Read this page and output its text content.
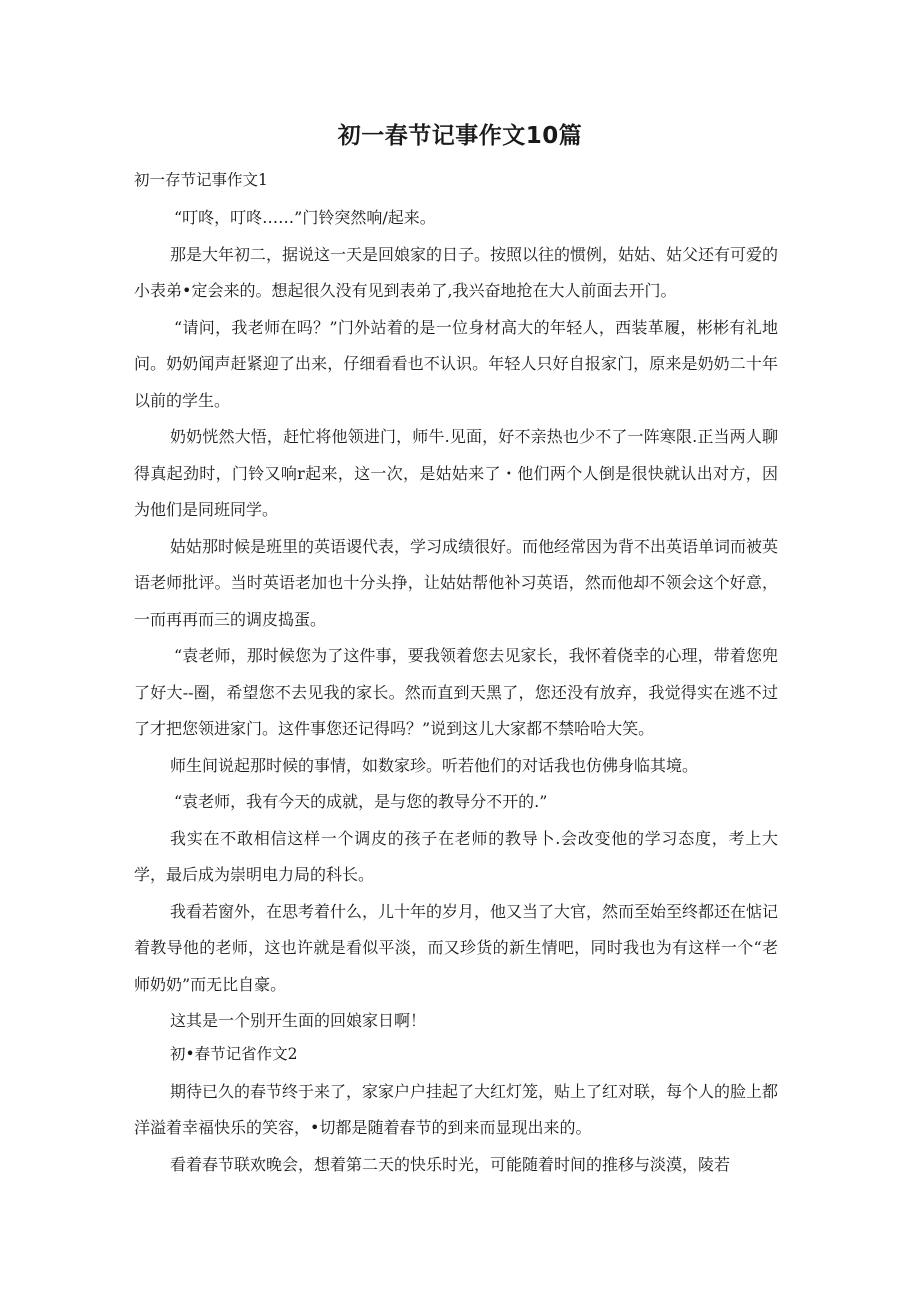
初一春节记事作文10篇
初一存节记事作文1

“叮咚，叮咚……”门铃突然响/起来。

那是大年初二，据说这一天是回娘家的日子。按照以往的惯例，姑姑、姑父还有可爱的小表弟•定会来的。想起很久没有见到表弟了,我兴奋地抢在大人前面去开门。

“请问，我老师在吗？”门外站着的是一位身材高大的年轻人，西装革履，彬彬有礼地问。奶奶闻声赶紧迎了出来，仔细看看也不认识。年轻人只好自报家门，原来是奶奶二十年以前的学生。

奶奶恍然大悟，赶忙将他领进门，师牛.见面，好不亲热也少不了一阵寒限.正当两人聊得真起劲时，门铃又响r起来，这一次，是姑姑来了・他们两个人倒是很快就认出对方，因为他们是同班同学。

姑姑那时候是班里的英语谡代表，学习成绩很好。而他经常因为背不出英语单词而被英语老师批评。当时英语老加也十分头挣，让姑姑帮他补习英语，然而他却不领会这个好意，一而再再而三的调皮捣蛋。

“袁老师，那时候您为了这件事，要我领着您去见家长，我怀着侥幸的心理，带着您兜了好大--圈，希望您不去见我的家长。然而直到天黑了，您还没有放弃，我觉得实在逃不过了才把您领进家门。这件事您还记得吗？”说到这儿大家都不禁哈哈大笑。

师生间说起那时候的事情，如数家珍。听若他们的对话我也仿佛身临其境。

“袁老师，我有今天的成就，是与您的教导分不开的.”

我实在不敢相信这样一个调皮的孩子在老师的教导卜.会改变他的学习态度，考上大学，最后成为崇明电力局的科长。

我看若窗外，在思考着什么，儿十年的岁月，他又当了大官，然而至始至终都还在惦记着教导他的老师，这也许就是看似平淡，而又珍货的新生情吧，同时我也为有这样一个“老师奶奶”而无比自豪。

这其是一个别开生面的回娘家日啊！

初•春节记省作文2

期待已久的春节终于来了，家家户户挂起了大红灯笼，贴上了红对联，每个人的脸上都洋溢着幸福快乐的笑容，•切都是随着春节的到来而显现出来的。

看着春节联欢晚会，想着第二天的快乐时光，可能随着时间的推移与淡漠，陵若
